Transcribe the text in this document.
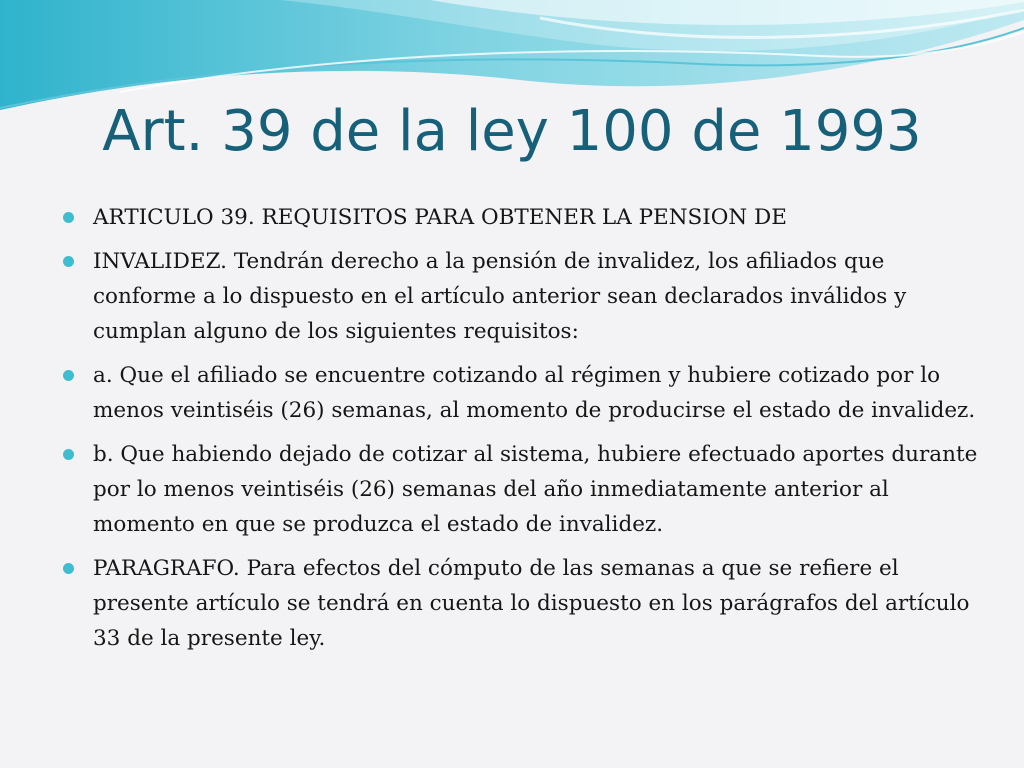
Art. 39 de la ley 100 de 1993
ARTICULO 39. REQUISITOS PARA OBTENER LA PENSION DE
INVALIDEZ. Tendrán derecho a la pensión de invalidez, los afiliados que conforme a lo dispuesto en el artículo anterior sean declarados inválidos y cumplan alguno de los siguientes requisitos:
a. Que el afiliado se encuentre cotizando al régimen y hubiere cotizado por lo menos veintiséis (26) semanas, al momento de producirse el estado de invalidez.
b. Que habiendo dejado de cotizar al sistema, hubiere efectuado aportes durante por lo menos veintiséis (26) semanas del año inmediatamente anterior al momento en que se produzca el estado de invalidez.
PARAGRAFO. Para efectos del cómputo de las semanas a que se refiere el presente artículo se tendrá en cuenta lo dispuesto en los parágrafos del artículo 33 de la presente ley.
